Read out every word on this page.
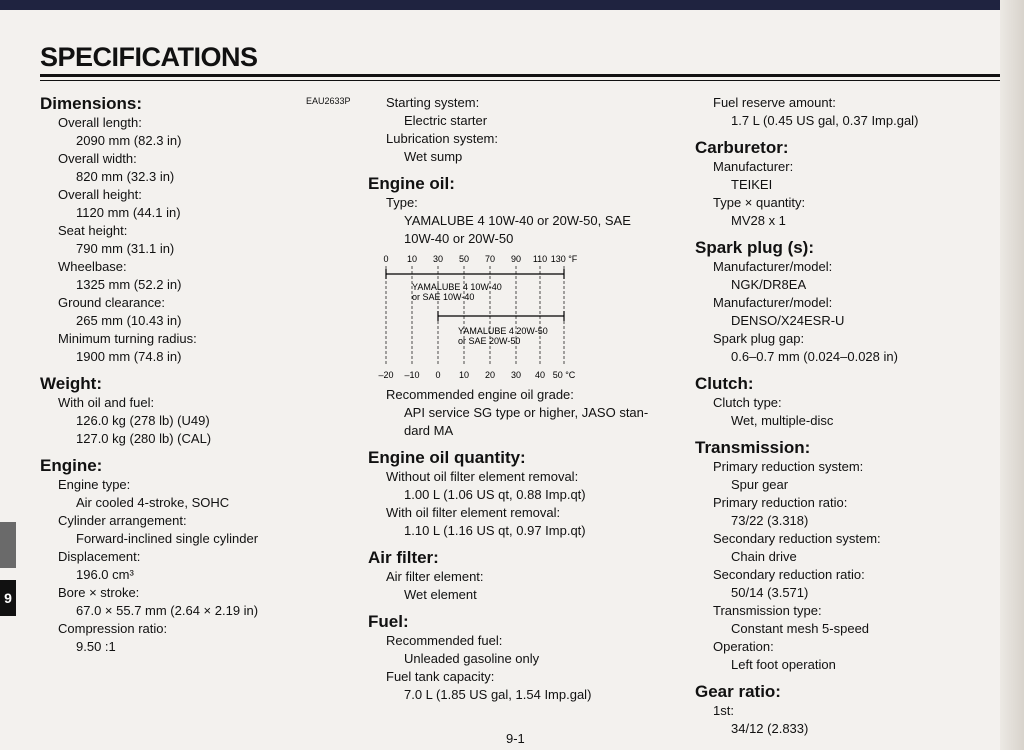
SPECIFICATIONS
EAU2633P
Dimensions:
Overall length:
2090 mm (82.3 in)
Overall width:
820 mm (32.3 in)
Overall height:
1120 mm (44.1 in)
Seat height:
790 mm (31.1 in)
Wheelbase:
1325 mm (52.2 in)
Ground clearance:
265 mm (10.43 in)
Minimum turning radius:
1900 mm (74.8 in)
Weight:
With oil and fuel:
126.0 kg (278 lb) (U49)
127.0 kg (280 lb) (CAL)
Engine:
Engine type:
Air cooled 4-stroke, SOHC
Cylinder arrangement:
Forward-inclined single cylinder
Displacement:
196.0 cm³
Bore × stroke:
67.0 × 55.7 mm (2.64 × 2.19 in)
Compression ratio:
9.50 :1
Starting system:
Electric starter
Lubrication system:
Wet sump
Engine oil:
Type:
YAMALUBE 4 10W-40 or 20W-50, SAE
10W-40 or 20W-50
0 10 30 50 70 90 110 130 °F
–20 –10 0 10 20 30 40 50 °C
YAMALUBE 4 10W-40
or SAE 10W-40
YAMALUBE 4 20W-50
or SAE 20W-50
Recommended engine oil grade:
API service SG type or higher, JASO stan-
dard MA
Engine oil quantity:
Without oil filter element removal:
1.00 L (1.06 US qt, 0.88 Imp.qt)
With oil filter element removal:
1.10 L (1.16 US qt, 0.97 Imp.qt)
Air filter:
Air filter element:
Wet element
Fuel:
Recommended fuel:
Unleaded gasoline only
Fuel tank capacity:
7.0 L (1.85 US gal, 1.54 Imp.gal)
Fuel reserve amount:
1.7 L (0.45 US gal, 0.37 Imp.gal)
Carburetor:
Manufacturer:
TEIKEI
Type × quantity:
MV28 x 1
Spark plug (s):
Manufacturer/model:
NGK/DR8EA
Manufacturer/model:
DENSO/X24ESR-U
Spark plug gap:
0.6–0.7 mm (0.024–0.028 in)
Clutch:
Clutch type:
Wet, multiple-disc
Transmission:
Primary reduction system:
Spur gear
Primary reduction ratio:
73/22 (3.318)
Secondary reduction system:
Chain drive
Secondary reduction ratio:
50/14 (3.571)
Transmission type:
Constant mesh 5-speed
Operation:
Left foot operation
Gear ratio:
1st:
34/12 (2.833)
9
9-1
